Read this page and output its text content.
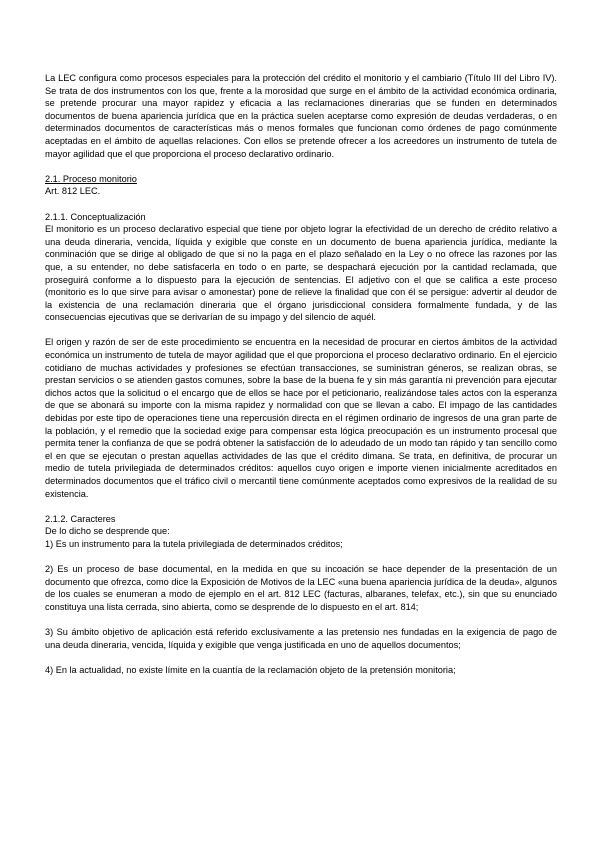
La LEC configura como procesos especiales para la protección del crédito el monitorio y el cambiario (Título III del Libro IV). Se trata de dos instrumentos con los que, frente a la morosidad que surge en el ámbito de la actividad económica ordinaria, se pretende procurar una mayor rapidez y eficacia a las reclamaciones dinerarias que se funden en determinados documentos de buena apariencia jurídica que en la práctica suelen aceptarse como expresión de deudas verdaderas, o en determinados documentos de características más o menos formales que funcionan como órdenes de pago comúnmente aceptadas en el ámbito de aquellas relaciones. Con ellos se pretende ofrecer a los acreedores un instrumento de tutela de mayor agilidad que el que proporciona el proceso declarativo ordinario.

2.1. Proceso monitorio

Art. 812 LEC.

2.1.1. Conceptualización

El monitorio es un proceso declarativo especial que tiene por objeto lograr la efectividad de un derecho de crédito relativo a una deuda dineraria, vencida, líquida y exigible que conste en un documento de buena apariencia jurídica, mediante la conminación que se dirige al obligado de que si no la paga en el plazo señalado en la Ley o no ofrece las razones por las que, a su entender, no debe satisfacerla en todo o en parte, se despachará ejecución por la cantidad reclamada, que proseguirá conforme a lo dispuesto para la ejecución de sentencias. El adjetivo con el que se califica a este proceso (monitorio es lo que sirve para avisar o amonestar) pone de relieve la finalidad que con él se persigue: advertir al deudor de la existencia de una reclamación dineraria que el órgano jurisdiccional considera formalmente fundada, y de las consecuencias ejecutivas que se derivarían de su impago y del silencio de aquél.

El origen y razón de ser de este procedimiento se encuentra en la necesidad de procurar en ciertos ámbitos de la actividad económica un instrumento de tutela de mayor agilidad que el que proporciona el proceso declarativo ordinario. En el ejercicio cotidiano de muchas actividades y profesiones se efectúan transacciones, se suministran géneros, se realizan obras, se prestan servicios o se atienden gastos comunes, sobre la base de la buena fe y sin más garantía ni prevención para ejecutar dichos actos que la solicitud o el encargo que de ellos se hace por el peticionario, realizándose tales actos con la esperanza de que se abonará su importe con la misma rapidez y normalidad con que se llevan a cabo. El impago de las cantidades debidas por este tipo de operaciones tiene una repercusión directa en el régimen ordinario de ingresos de una gran parte de la población, y el remedio que la sociedad exige para compensar esta lógica preocupación es un instrumento procesal que permita tener la confianza de que se podrá obtener la satisfacción de lo adeudado de un modo tan rápido y tan sencillo como el en que se ejecutan o prestan aquellas actividades de las que el crédito dimana. Se trata, en definitiva, de procurar un medio de tutela privilegiada de determinados créditos: aquellos cuyo origen e importe vienen inicialmente acreditados en determinados documentos que el tráfico civil o mercantil tiene comúnmente aceptados como expresivos de la realidad de su existencia.

2.1.2. Caracteres

De lo dicho se desprende que:

1) Es un instrumento para la tutela privilegiada de determinados créditos;

2) Es un proceso de base documental, en la medida en que su incoación se hace depender de la presentación de un documento que ofrezca, como dice la Exposición de Motivos de la LEC «una buena apariencia jurídica de la deuda», algunos de los cuales se enumeran a modo de ejemplo en el art. 812 LEC (facturas, albaranes, telefax, etc.), sin que su enunciado constituya una lista cerrada, sino abierta, como se desprende de lo dispuesto en el art. 814;

3) Su ámbito objetivo de aplicación está referido exclusivamente a las pretensio nes fundadas en la exigencia de pago de una deuda dineraria, vencida, líquida y exigible que venga justificada en uno de aquellos documentos;

4) En la actualidad, no existe límite en la cuantía de la reclamación objeto de la pretensión monitoria;
